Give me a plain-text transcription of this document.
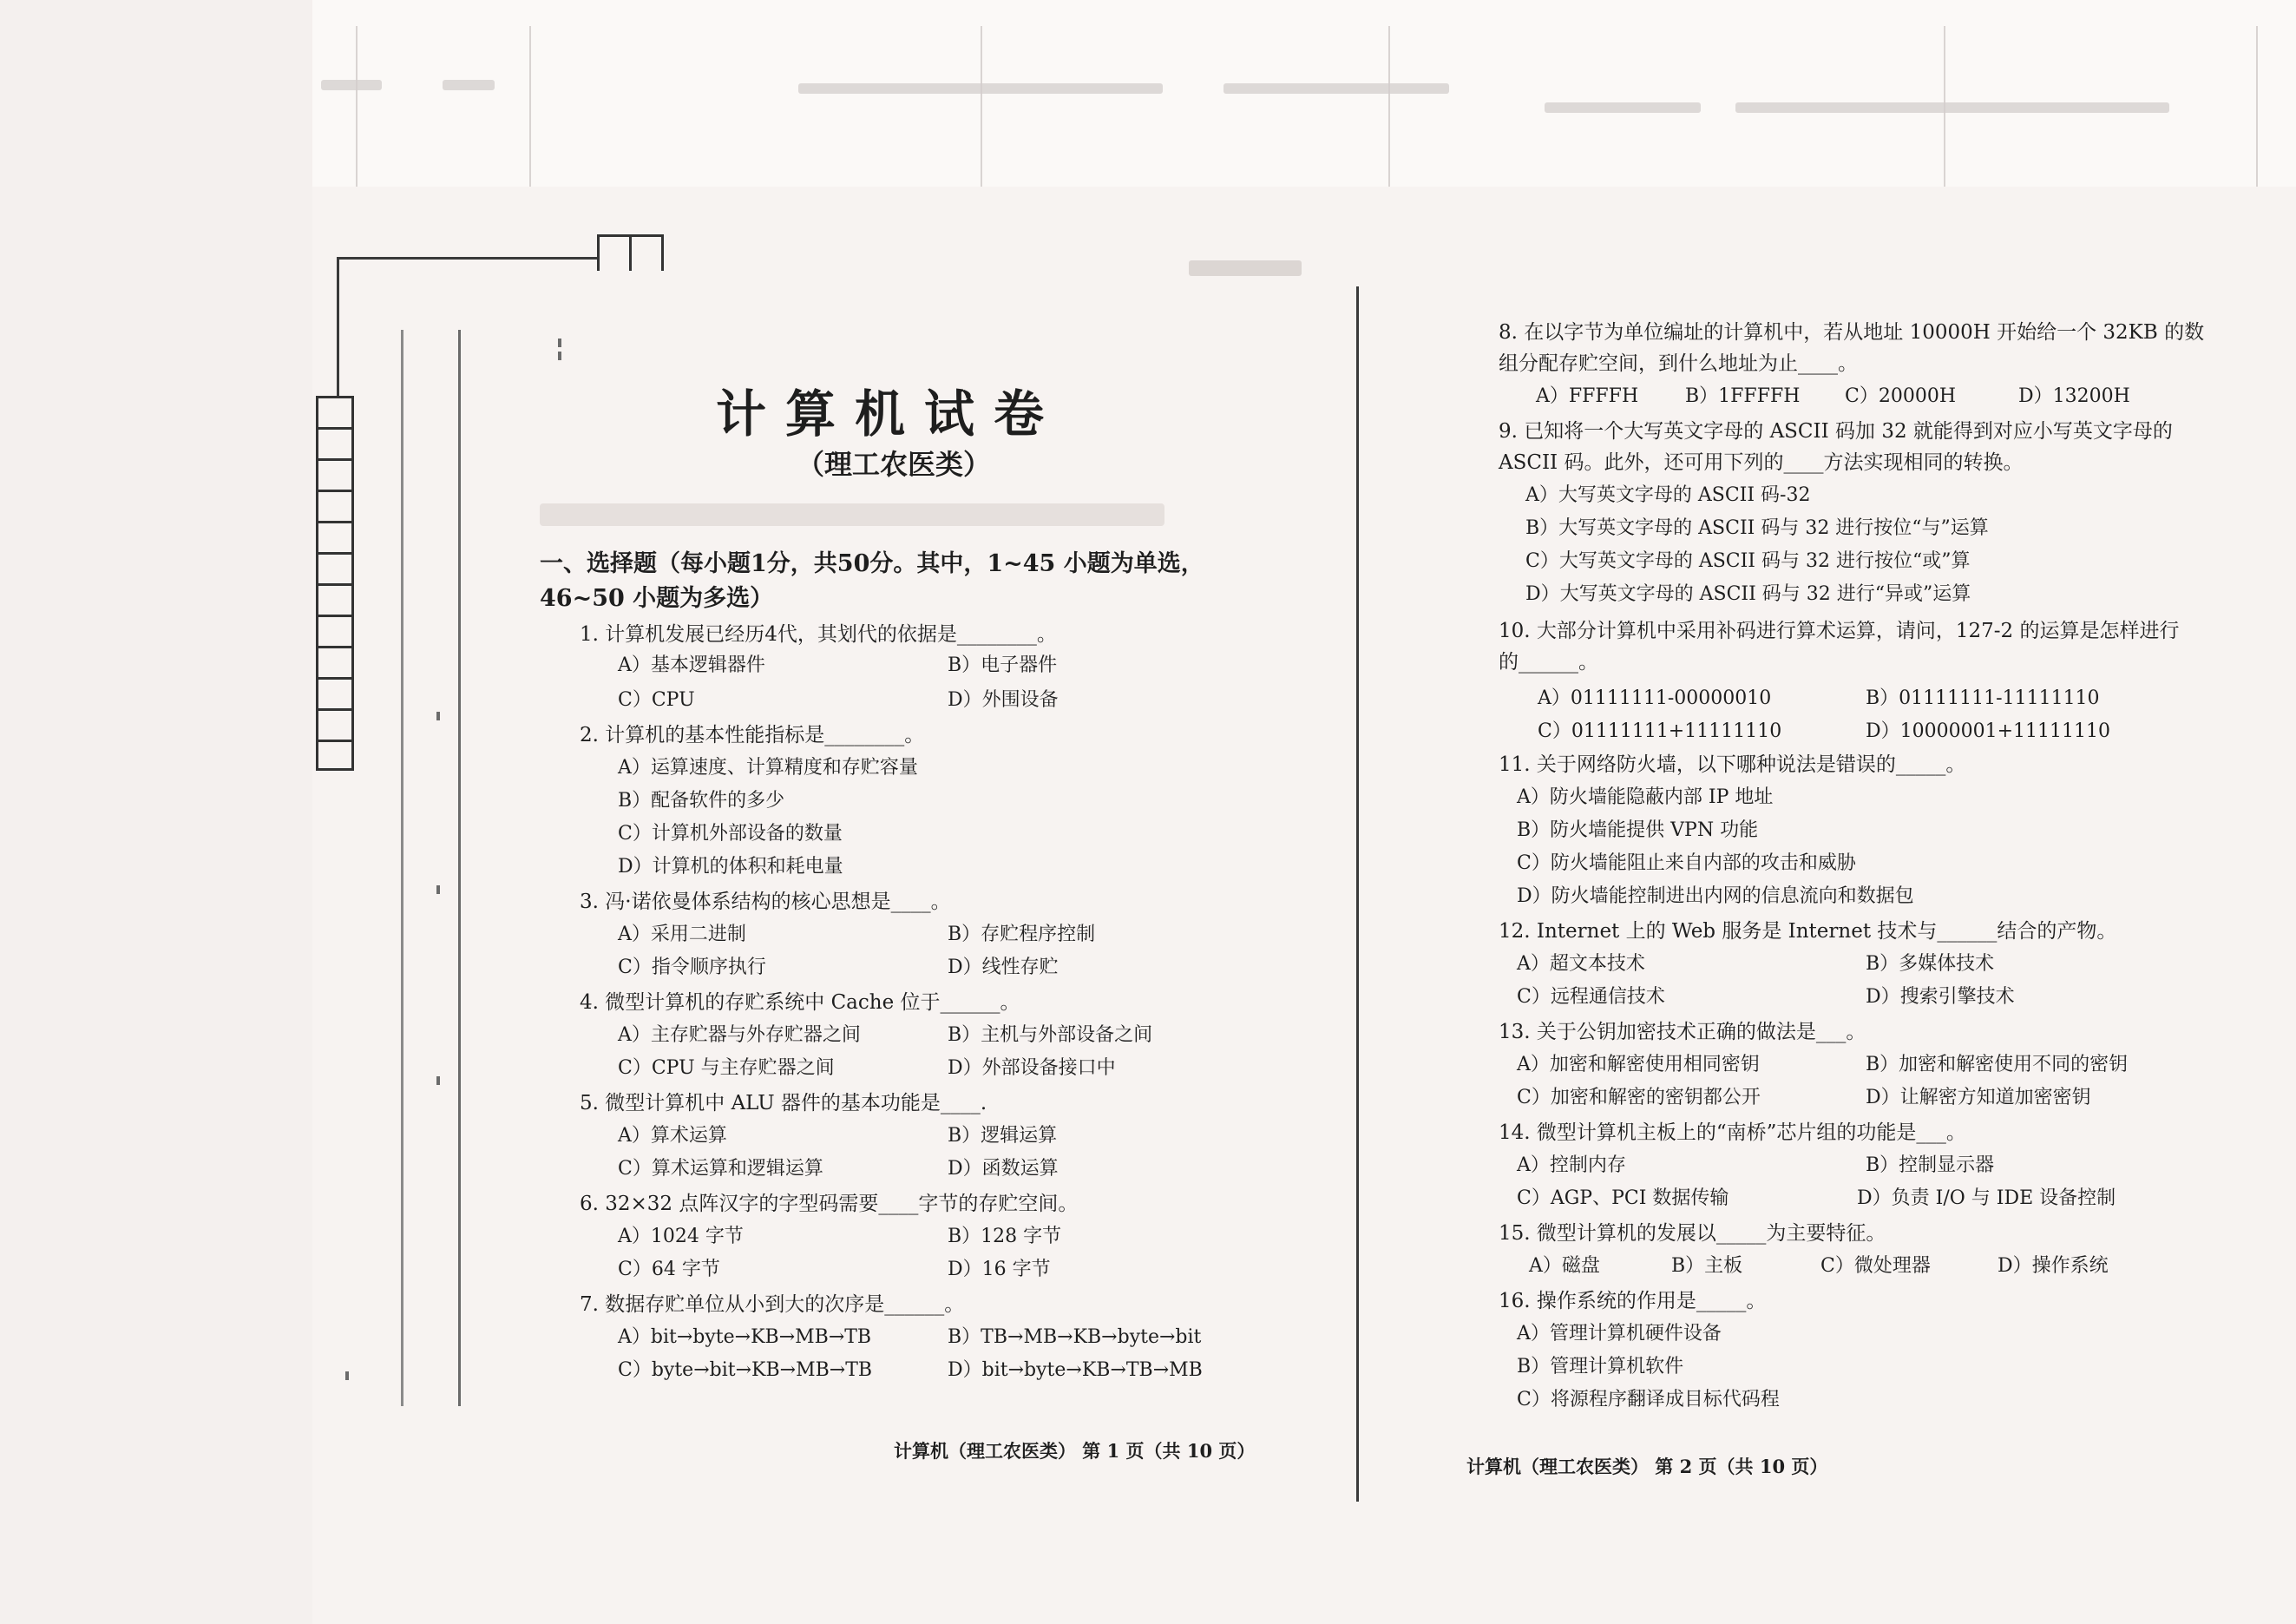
计算机试卷
（理工农医类）
一、选择题（每小题1分，共50分。其中，1~45 小题为单选，46~50 小题为多选）
1. 计算机发展已经历4代，其划代的依据是________。
A）基本逻辑器件	B）电子器件
C）CPU	D）外围设备
2. 计算机的基本性能指标是________。
A）运算速度、计算精度和存贮容量
B）配备软件的多少
C）计算机外部设备的数量
D）计算机的体积和耗电量
3. 冯·诺依曼体系结构的核心思想是____。
A）采用二进制	B）存贮程序控制
C）指令顺序执行	D）线性存贮
4. 微型计算机的存贮系统中 Cache 位于______。
A）主存贮器与外存贮器之间	B）主机与外部设备之间
C）CPU 与主存贮器之间	D）外部设备接口中
5. 微型计算机中 ALU 器件的基本功能是____.
A）算术运算	B）逻辑运算
C）算术运算和逻辑运算	D）函数运算
6. 32×32 点阵汉字的字型码需要____字节的存贮空间。
A）1024 字节	B）128 字节
C）64 字节	D）16 字节
7. 数据存贮单位从小到大的次序是______。
A）bit→byte→KB→MB→TB	B）TB→MB→KB→byte→bit
C）byte→bit→KB→MB→TB	D）bit→byte→KB→TB→MB
计算机（理工农医类） 第 1 页（共 10 页）
8. 在以字节为单位编址的计算机中，若从地址 10000H 开始给一个 32KB 的数
组分配存贮空间，到什么地址为止____。
A）FFFFH B）1FFFFH C）20000H	D）13200H
9. 已知将一个大写英文字母的 ASCII 码加 32 就能得到对应小写英文字母的
ASCII 码。此外，还可用下列的____方法实现相同的转换。
A）大写英文字母的 ASCII 码-32
B）大写英文字母的 ASCII 码与 32 进行按位“与”运算
C）大写英文字母的 ASCII 码与 32 进行按位“或”算
D）大写英文字母的 ASCII 码与 32 进行“异或”运算
10. 大部分计算机中采用补码进行算术运算，请问，127-2 的运算是怎样进行
的______。
A）01111111-00000010	B）01111111-11111110
C）01111111+11111110	D）10000001+11111110
11. 关于网络防火墙，以下哪种说法是错误的_____。
A）防火墙能隐蔽内部 IP 地址
B）防火墙能提供 VPN 功能
C）防火墙能阻止来自内部的攻击和威胁
D）防火墙能控制进出内网的信息流向和数据包
12. Internet 上的 Web 服务是 Internet 技术与______结合的产物。
A）超文本技术	B）多媒体技术
C）远程通信技术	D）搜索引擎技术
13. 关于公钥加密技术正确的做法是___。
A）加密和解密使用相同密钥	B）加密和解密使用不同的密钥
C）加密和解密的密钥都公开	D）让解密方知道加密密钥
14. 微型计算机主板上的“南桥”芯片组的功能是___。
A）控制内存	B）控制显示器
C）AGP、PCI 数据传输	D）负责 I/O 与 IDE 设备控制
15. 微型计算机的发展以_____为主要特征。
A）磁盘	B）主板	C）微处理器	D）操作系统
16. 操作系统的作用是_____。
A）管理计算机硬件设备
B）管理计算机软件
C）将源程序翻译成目标代码程
计算机（理工农医类） 第 2 页（共 10 页）
